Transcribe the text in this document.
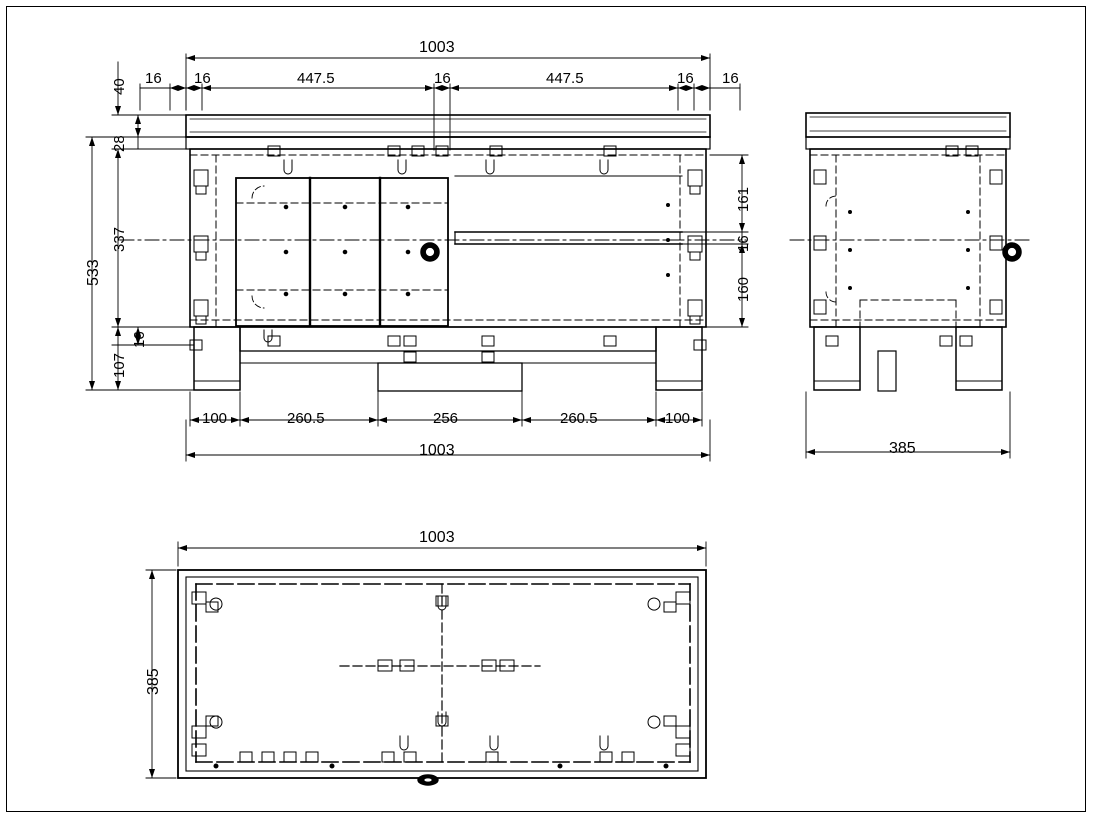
1003
16 16	447.5	16	447.5	16 16
40
28
337
107
16
533
161
16
160
100	260.5	256	260.5	100
1003	385
1003
385
